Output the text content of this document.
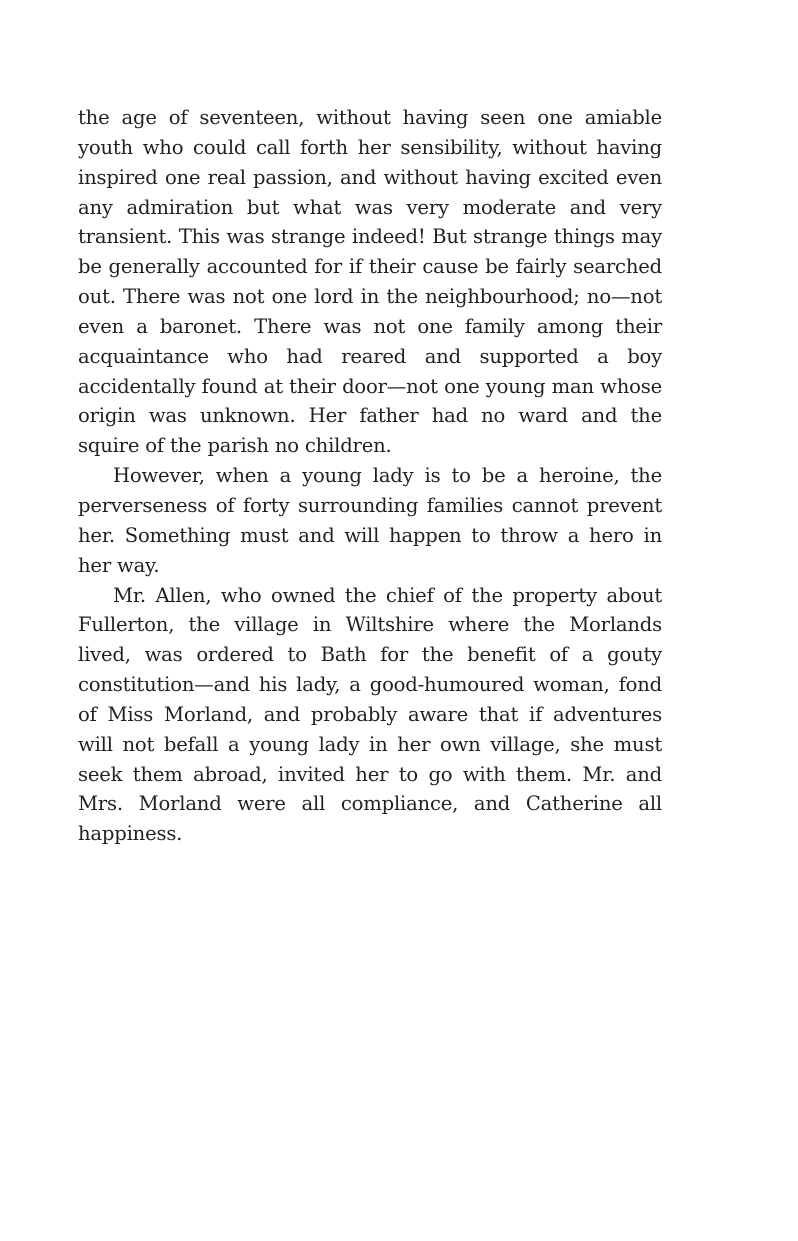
the age of seventeen, without having seen one amiable youth who could call forth her sensibility, without having inspired one real passion, and without having excited even any admiration but what was very moderate and very transient. This was strange indeed! But strange things may be generally accounted for if their cause be fairly searched out. There was not one lord in the neighbourhood; no—not even a baronet. There was not one family among their acquaintance who had reared and supported a boy accidentally found at their door—not one young man whose origin was unknown. Her father had no ward and the squire of the parish no children.

However, when a young lady is to be a heroine, the perverseness of forty surrounding families cannot prevent her. Something must and will happen to throw a hero in her way.

Mr. Allen, who owned the chief of the property about Fullerton, the village in Wiltshire where the Morlands lived, was ordered to Bath for the benefit of a gouty constitution—and his lady, a good-humoured woman, fond of Miss Morland, and probably aware that if adventures will not befall a young lady in her own village, she must seek them abroad, invited her to go with them. Mr. and Mrs. Morland were all compliance, and Catherine all happiness.
